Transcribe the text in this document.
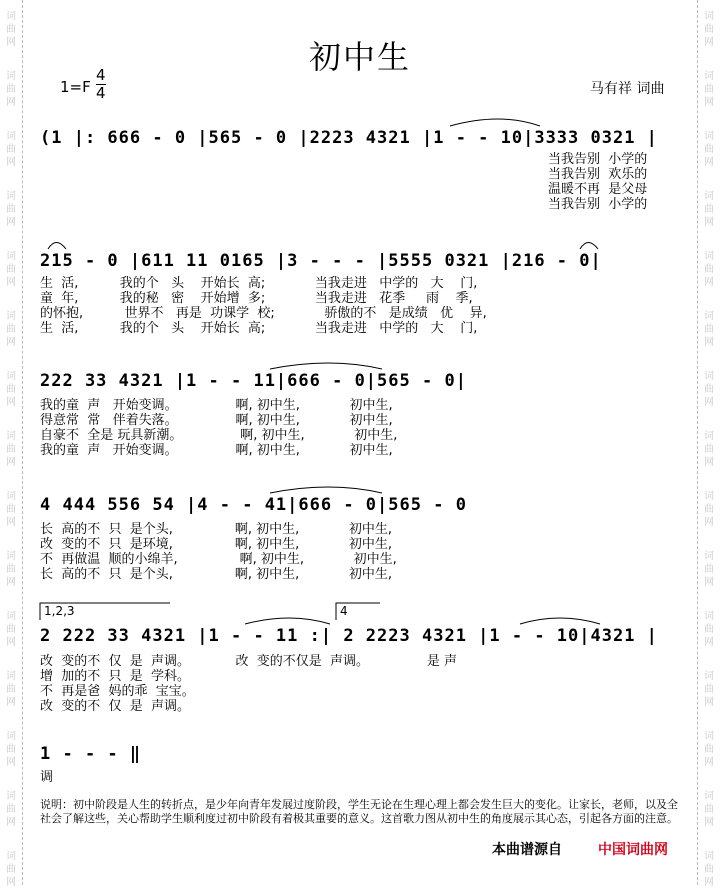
词
曲
网
词
曲
网
词
曲
网
词
曲
网
词
曲
网
词
曲
网
词
曲
网
词
曲
网
词
曲
网
词
曲
网
词
曲
网
词
曲
网
词
曲
网
词
曲
网
词
曲
网
词
曲
网
词
曲
网
词
曲
网
词
曲
网
词
曲
网
词
曲
网
词
曲
网
词
曲
网
词
曲
网
词
曲
网
词
曲
网
词
曲
网
词
曲
网
词
曲
网
词
曲
网
初中生
1=F
4
4	马有祥 词曲
(1 |: 666 - 0 |565 - 0 |2223 4321 |1 - - 10|3333 0321 |
当我告别  小学的
当我告别  欢乐的
温暖不再  是父母
当我告别  小学的
215 - 0 |611 11 0165 |3 - - - |5555 0321 |216 - 0|
生  活,          我的个   头    开始长  高;            当我走进   中学的   大    门,
童  年,          我的秘   密    开始增  多;            当我走进   花季     雨    季,
的怀抱,          世界不   再是  功课学  校;            骄傲的不   是成绩   优    异,
生  活,          我的个   头    开始长  高;            当我走进   中学的   大    门,
222 33 4321 |1 - - 11|666 - 0|565 - 0|
我的童  声   开始变调。              啊, 初中生,            初中生,
得意常  常   伴着失落。              啊, 初中生,            初中生,
自豪不  全是 玩具新潮。              啊, 初中生,            初中生,
我的童  声   开始变调。              啊, 初中生,            初中生,
4 444 556 54 |4 - - 41|666 - 0|565 - 0
长  高的不  只  是个头,               啊, 初中生,            初中生,
改  变的不  只  是环境,               啊, 初中生,            初中生,
不  再做温  顺的小绵羊,               啊, 初中生,            初中生,
长  高的不  只  是个头,               啊, 初中生,            初中生,
1,2,3	4
2 222 33 4321 |1 - - 11 :| 2 2223 4321 |1 - - 10|4321 |
改  变的不  仅  是  声调。           改  变的不仅是  声调。              是 声
增  加的不  只  是  学科。
不  再是爸  妈的乖  宝宝。
改  变的不  仅  是  声调。
1 - - - ‖
调
说明：初中阶段是人生的转折点，是少年向青年发展过度阶段，学生无论在生理心理上都会发生巨大的变化。让家长，老师，以及全社会了解这些，关心帮助学生顺利度过初中阶段有着极其重要的意义。这首歌力图从初中生的角度展示其心态，引起各方面的注意。
本曲谱源自	中国词曲网
